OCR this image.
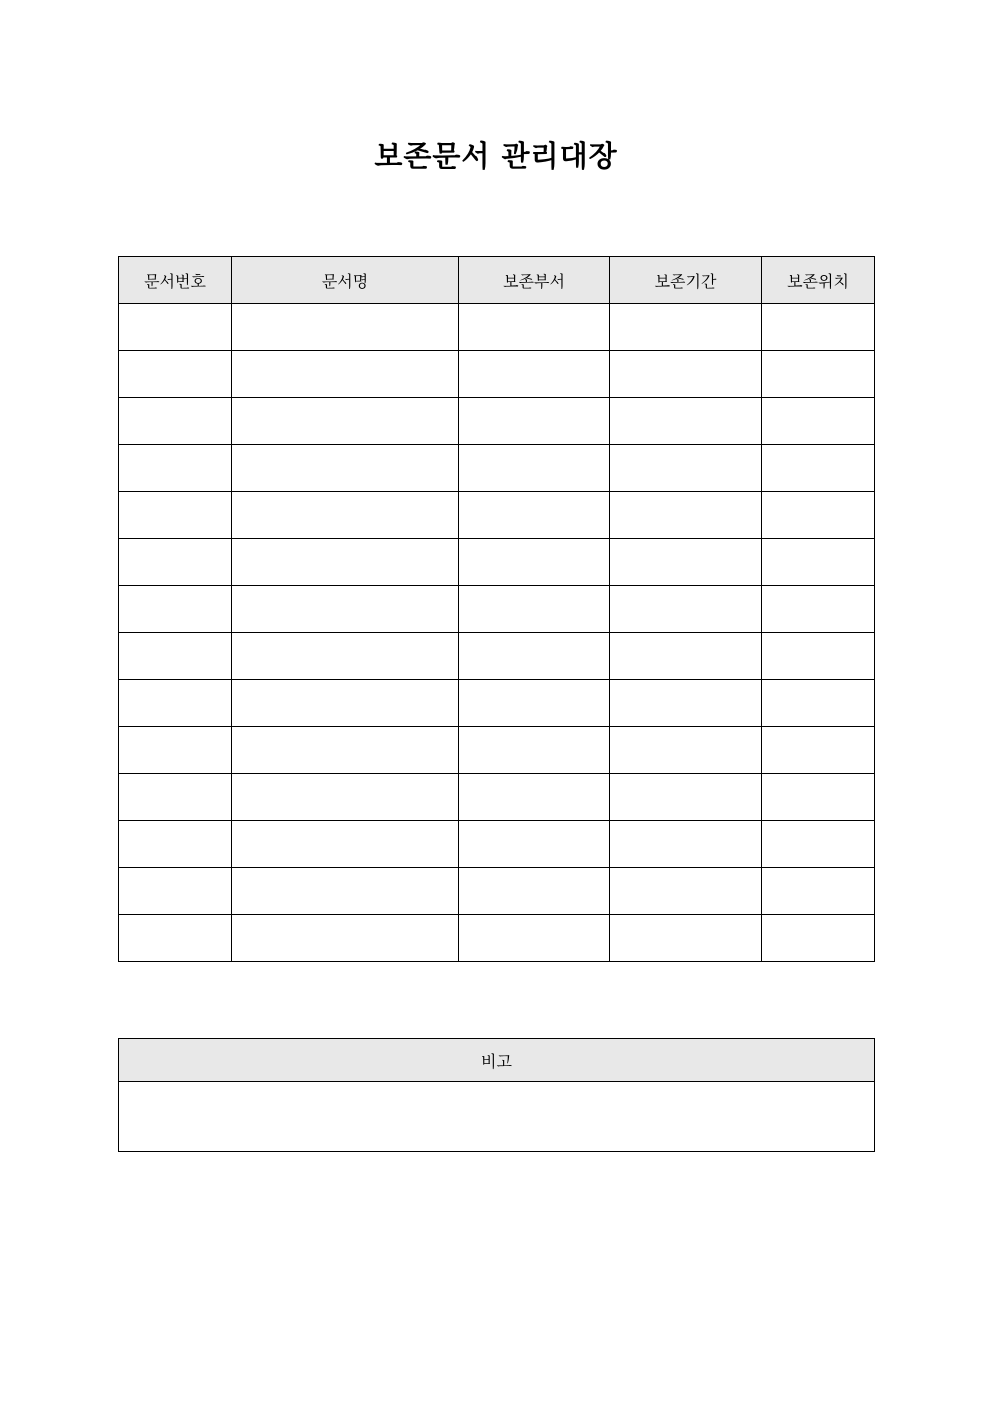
보존문서 관리대장
문서번호	문서명	보존부서	보존기간	보존위치

비고
